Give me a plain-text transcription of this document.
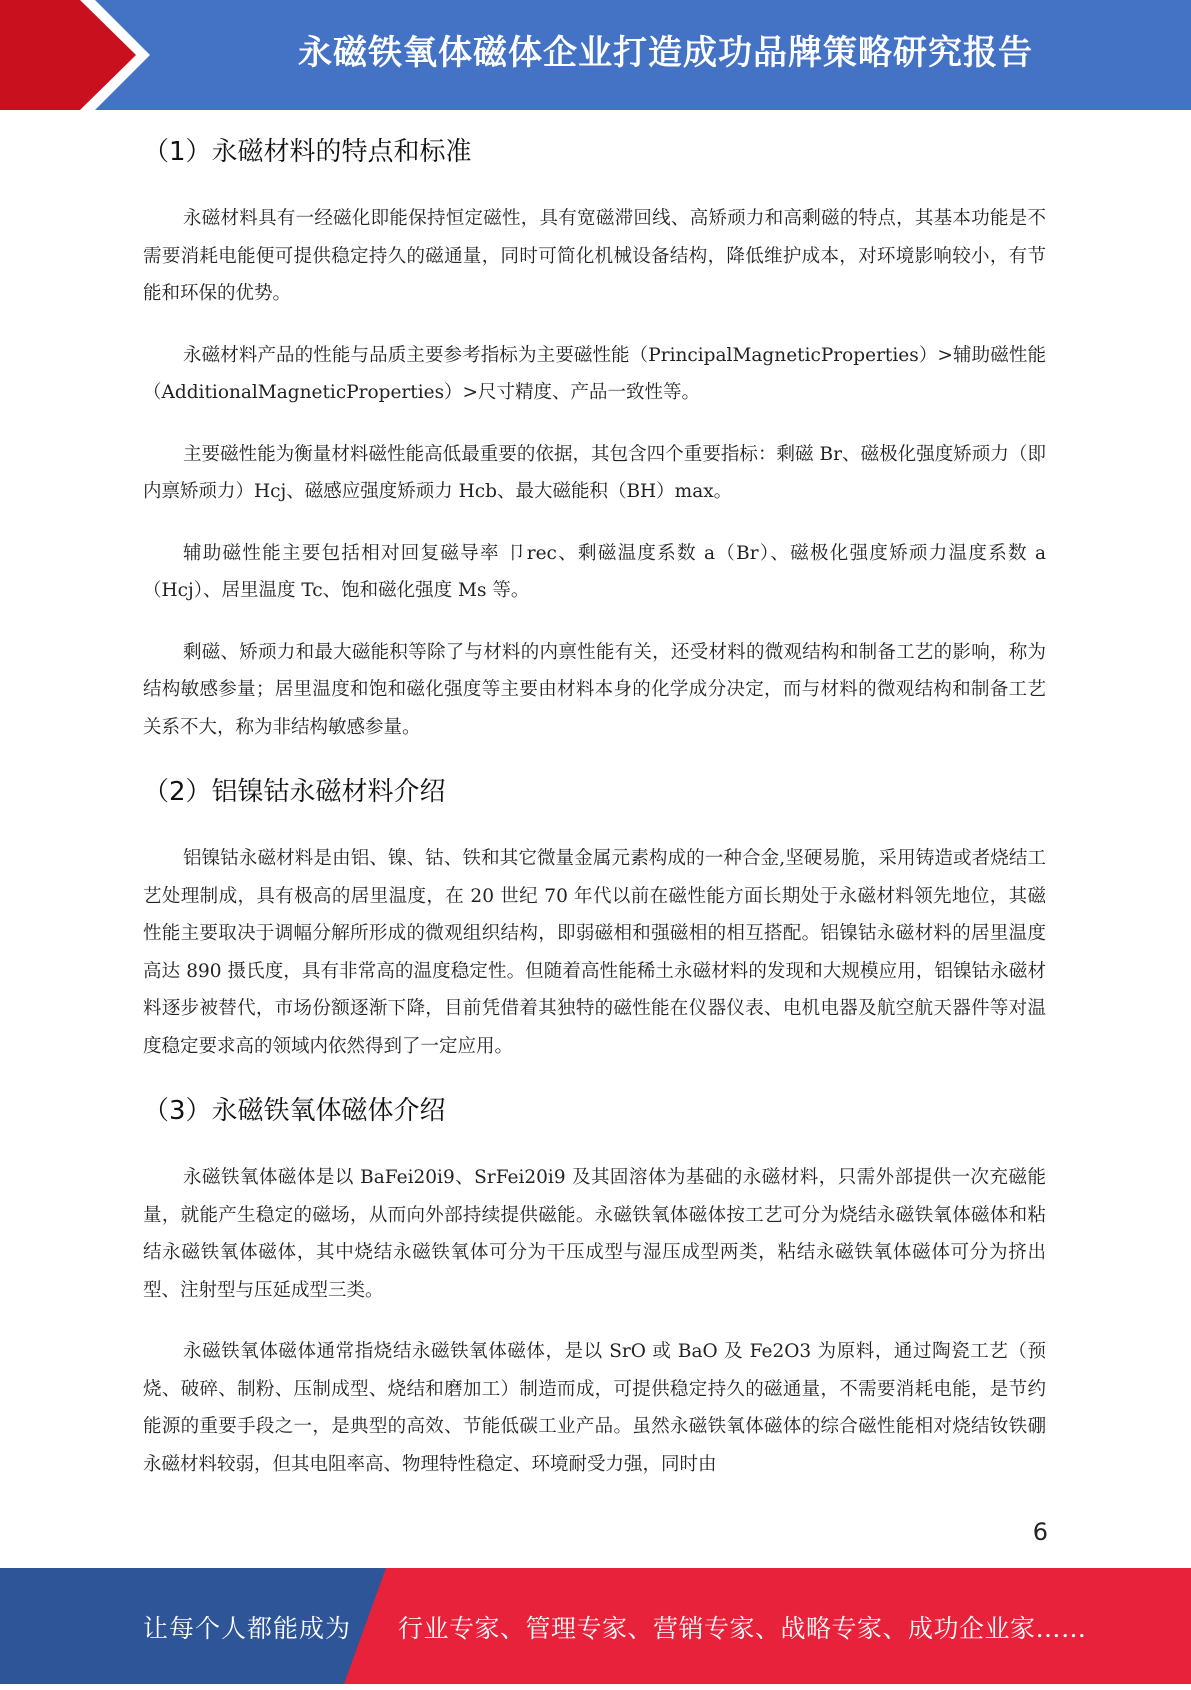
永磁铁氧体磁体企业打造成功品牌策略研究报告
（1）永磁材料的特点和标准

永磁材料具有一经磁化即能保持恒定磁性，具有宽磁滞回线、高矫顽力和高剩磁的特点，其基本功能是不需要消耗电能便可提供稳定持久的磁通量，同时可简化机械设备结构，降低维护成本，对环境影响较小，有节能和环保的优势。

永磁材料产品的性能与品质主要参考指标为主要磁性能（PrincipalMagneticProperties）>辅助磁性能（AdditionalMagneticProperties）>尺寸精度、产品一致性等。

主要磁性能为衡量材料磁性能高低最重要的依据，其包含四个重要指标：剩磁 Br、磁极化强度矫顽力（即内禀矫顽力）Hcj、磁感应强度矫顽力 Hcb、最大磁能积（BH）max。

辅助磁性能主要包括相对回复磁导率 卩rec、剩磁温度系数 a（Br）、磁极化强度矫顽力温度系数 a（Hcj）、居里温度 Tc、饱和磁化强度 Ms 等。

剩磁、矫顽力和最大磁能积等除了与材料的内禀性能有关，还受材料的微观结构和制备工艺的影响，称为结构敏感参量；居里温度和饱和磁化强度等主要由材料本身的化学成分决定，而与材料的微观结构和制备工艺关系不大，称为非结构敏感参量。

（2）铝镍钴永磁材料介绍

铝镍钴永磁材料是由铝、镍、钴、铁和其它微量金属元素构成的一种合金,坚硬易脆，采用铸造或者烧结工艺处理制成，具有极高的居里温度，在 20 世纪 70 年代以前在磁性能方面长期处于永磁材料领先地位，其磁性能主要取决于调幅分解所形成的微观组织结构，即弱磁相和强磁相的相互搭配。铝镍钴永磁材料的居里温度高达 890 摄氏度，具有非常高的温度稳定性。但随着高性能稀土永磁材料的发现和大规模应用，铝镍钴永磁材料逐步被替代，市场份额逐渐下降，目前凭借着其独特的磁性能在仪器仪表、电机电器及航空航天器件等对温度稳定要求高的领域内依然得到了一定应用。

（3）永磁铁氧体磁体介绍

永磁铁氧体磁体是以 BaFei20i9、SrFei20i9 及其固溶体为基础的永磁材料，只需外部提供一次充磁能量，就能产生稳定的磁场，从而向外部持续提供磁能。永磁铁氧体磁体按工艺可分为烧结永磁铁氧体磁体和粘结永磁铁氧体磁体，其中烧结永磁铁氧体可分为干压成型与湿压成型两类，粘结永磁铁氧体磁体可分为挤出型、注射型与压延成型三类。

永磁铁氧体磁体通常指烧结永磁铁氧体磁体，是以 SrO 或 BaO 及 Fe2O3 为原料，通过陶瓷工艺（预烧、破碎、制粉、压制成型、烧结和磨加工）制造而成，可提供稳定持久的磁通量，不需要消耗电能，是节约能源的重要手段之一，是典型的高效、节能低碳工业产品。虽然永磁铁氧体磁体的综合磁性能相对烧结钕铁硼永磁材料较弱，但其电阻率高、物理特性稳定、环境耐受力强，同时由

6
让每个人都能成为 行业专家、管理专家、营销专家、战略专家、成功企业家……
